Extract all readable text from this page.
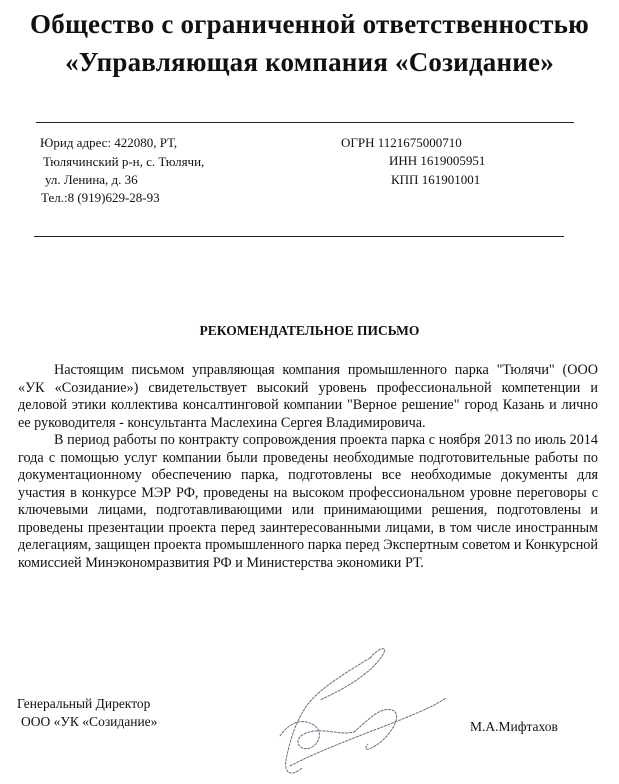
Общество с ограниченной ответственностью
«Управляющая компания «Созидание»
Юрид адрес: 422080, РТ,
Тюлячинский р-н, с. Тюлячи,
ул. Ленина, д. 36
Тел.:8 (919)629-28-93
ОГРН 1121675000710
ИНН 1619005951
КПП 161901001
РЕКОМЕНДАТЕЛЬНОЕ ПИСЬМО

Настоящим письмом управляющая компания промышленного парка "Тюлячи" (ООО «УК «Созидание») свидетельствует высокий уровень профессиональной компетенции и деловой этики коллектива консалтинговой компании "Верное решение" город Казань и лично ее руководителя - консультанта Маслехина Сергея Владимировича.

В период работы по контракту сопровождения проекта парка с ноября 2013 по июль 2014 года с помощью услуг компании были проведены необходимые подготовительные работы по документационному обеспечению парка, подготовлены все необходимые документы для участия в конкурсе МЭР РФ, проведены на высоком профессиональном уровне переговоры с ключевыми лицами, подготавливающими или принимающими решения, подготовлены и проведены презентации проекта перед заинтересованными лицами, в том числе иностранным делегациям, защищен проекта промышленного парка перед Экспертным советом и Конкурсной комиссией Минэкономразвития РФ и Министерства экономики РТ.

Генеральный Директор
ООО «УК «Созидание»	М.А.Мифтахов
